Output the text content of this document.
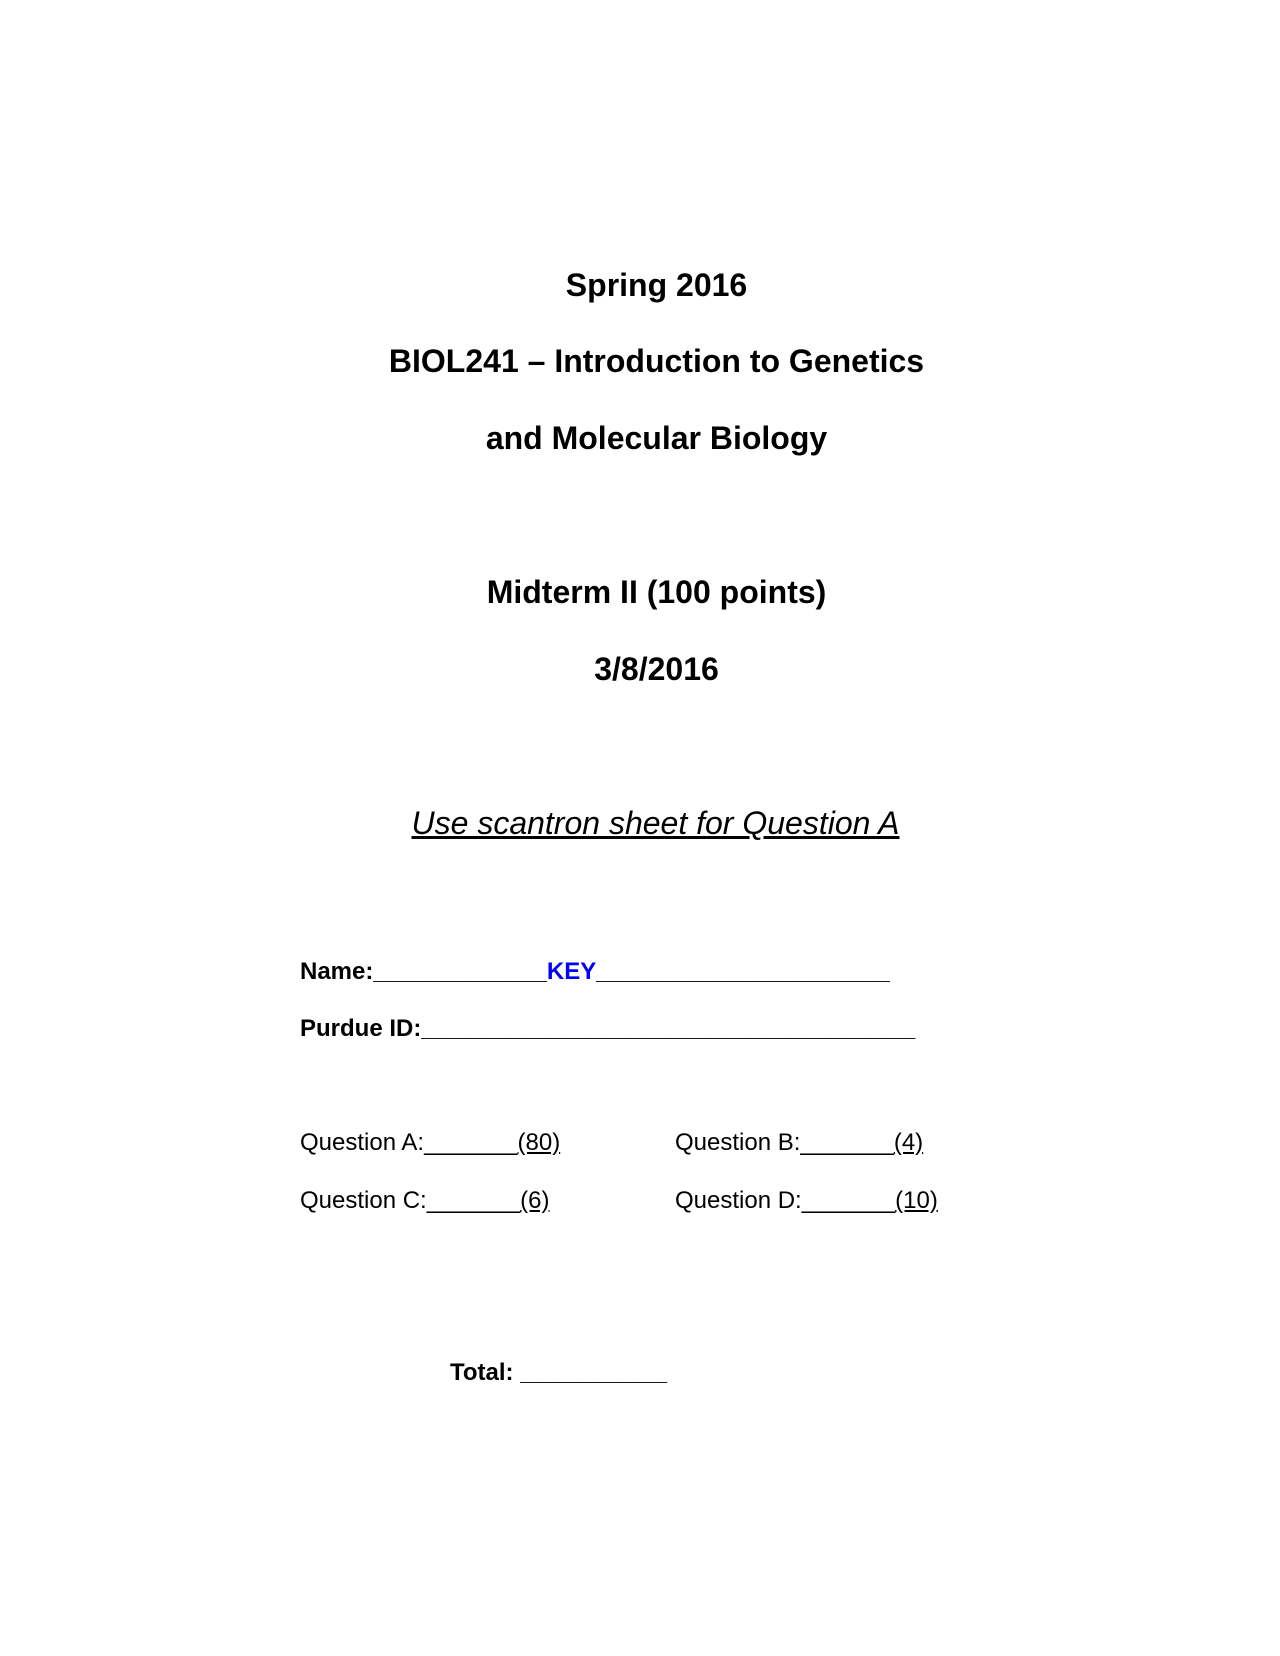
Spring 2016
BIOL241 – Introduction to Genetics
and Molecular Biology
Midterm II (100 points)
3/8/2016
Use scantron sheet for Question A
Name:_____________KEY______________________
Purdue ID:_____________________________________
Question A:_______(80)	Question B:_______(4)
Question C:_______(6)	Question D:_______(10)
Total: ___________
